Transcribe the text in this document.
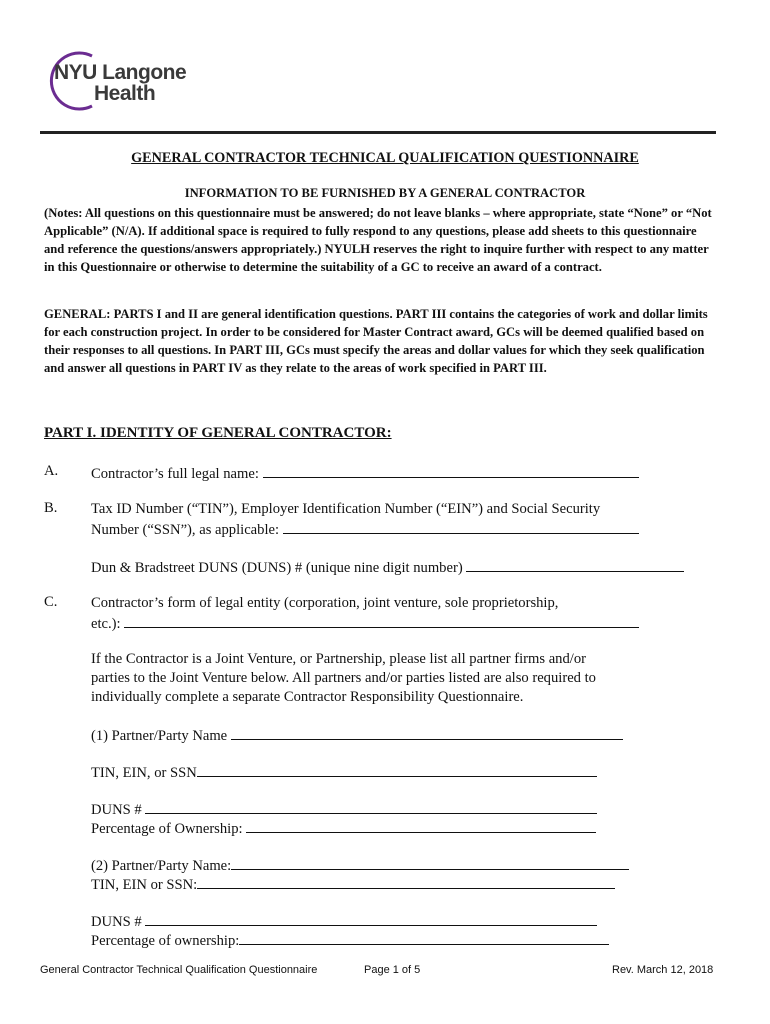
NYU Langone
Health
GENERAL CONTRACTOR TECHNICAL QUALIFICATION QUESTIONNAIRE
INFORMATION TO BE FURNISHED BY A GENERAL CONTRACTOR

(Notes: All questions on this questionnaire must be answered; do not leave blanks – where appropriate, state “None” or “Not Applicable” (N/A). If additional space is required to fully respond to any questions, please add sheets to this questionnaire and reference the questions/answers appropriately.) NYULH reserves the right to inquire further with respect to any matter in this Questionnaire or otherwise to determine the suitability of a GC to receive an award of a contract.

GENERAL: PARTS I and II are general identification questions. PART III contains the categories of work and dollar limits for each construction project. In order to be considered for Master Contract award, GCs will be deemed qualified based on their responses to all questions. In PART III, GCs must specify the areas and dollar values for which they seek qualification and answer all questions in PART IV as they relate to the areas of work specified in PART III.

PART I. IDENTITY OF GENERAL CONTRACTOR:
A. Contractor’s full legal name:
B. Tax ID Number (“TIN”), Employer Identification Number (“EIN”) and Social Security
Number (“SSN”), as applicable:
Dun & Bradstreet DUNS (DUNS) # (unique nine digit number)
C. Contractor’s form of legal entity (corporation, joint venture, sole proprietorship,
etc.):
If the Contractor is a Joint Venture, or Partnership, please list all partner firms and/or
parties to the Joint Venture below. All partners and/or parties listed are also required to
individually complete a separate Contractor Responsibility Questionnaire.
(1) Partner/Party Name
TIN, EIN, or SSN
DUNS #
Percentage of Ownership:
(2) Partner/Party Name:
TIN, EIN or SSN:
DUNS #
Percentage of ownership:
General Contractor Technical Qualification Questionnaire	Page 1 of 5	Rev. March 12, 2018
